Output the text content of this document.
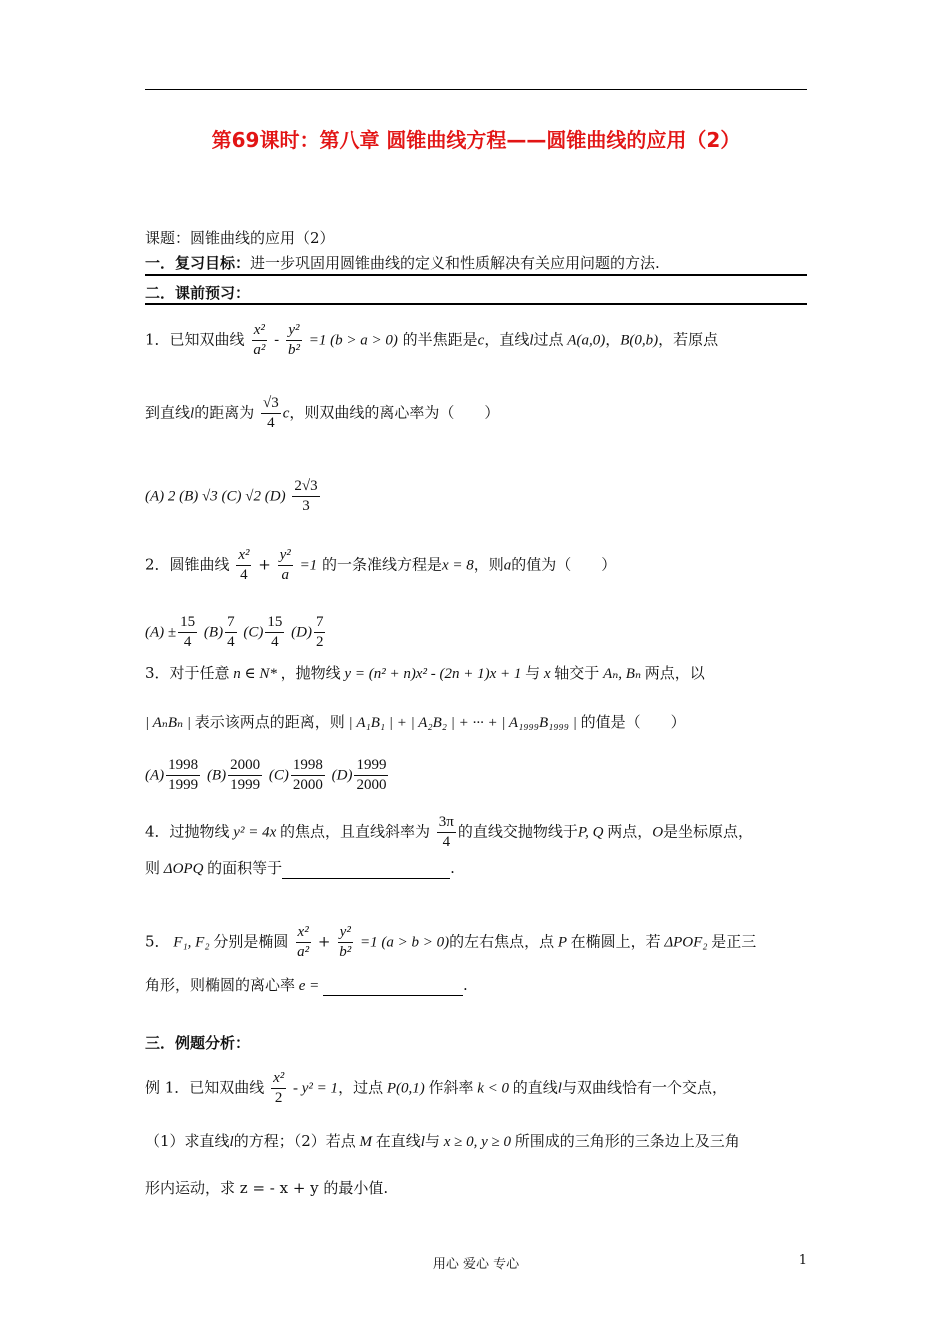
第69课时：第八章 圆锥曲线方程——圆锥曲线的应用（2）
课题：圆锥曲线的应用（2）
一．复习目标：进一步巩固用圆锥曲线的定义和性质解决有关应用问题的方法.
二．课前预习：
1．已知双曲线 $\frac{\text{x²}}{\text{a²}} - \frac{\text{y²}}{\text{b²}} =1$ (b > a > 0) 的半焦距是c，直线l过点 A(a,0)，B(0,b)，若原点
到直线l的距离为 $\frac{√3}{4}$ c，则双曲线的离心率为（　　）
(A) 2 (B) √3 (C) √2 $(D) \frac{2√3}{3}$
2．圆锥曲线 $\frac{\text{x²}}{4} + \frac{\text{y²}}{a} =1$ 的一条准线方程是x = 8，则a的值为（　　）
$(A) \pm \frac{15}{4} (B) \frac{7}{4} (C) \frac{15}{4} (D) \frac{7}{2}$
3．对于任意 n ∈ N* ，抛物线 y = (n² + n)x² - (2n + 1)x + 1 与 x 轴交于 Aₙ, Bₙ 两点，以
| AₙBₙ | 表示该两点的距离，则 | A₁B₁ | + | A₂B₂ | + ··· + | A₁₉₉₉B₁₉₉₉ | 的值是（　　）
$(A) \frac{1998}{1999} (B) \frac{2000}{1999} (C) \frac{1998}{2000} (D) \frac{1999}{2000}$
4．过抛物线 y² = 4x 的焦点，且直线斜率为 $\frac{3\pi}{4}$ 的直线交抛物线于P, Q 两点，O是坐标原点，
则 ΔOPQ 的面积等于	.
5． F₁, F₂ 分别是椭圆 $\frac{\text{x²}}{\text{a²}} + \frac{\text{y²}}{\text{b²}} =1$ (a > b > 0)的左右焦点，点 P 在椭圆上，若 ΔPOF₂ 是正三
角形，则椭圆的离心率 e =	.
三．例题分析：
例 1．已知双曲线 $\frac{\text{x²}}{2} - y^2 = 1$，过点 P(0,1) 作斜率 k < 0 的直线l与双曲线恰有一个交点，
（1）求直线l的方程；（2）若点 M 在直线l与 x ≥ 0, y ≥ 0 所围成的三角形的三条边上及三角
形内运动，求 z = - x + y 的最小值.
用心 爱心 专心	1
